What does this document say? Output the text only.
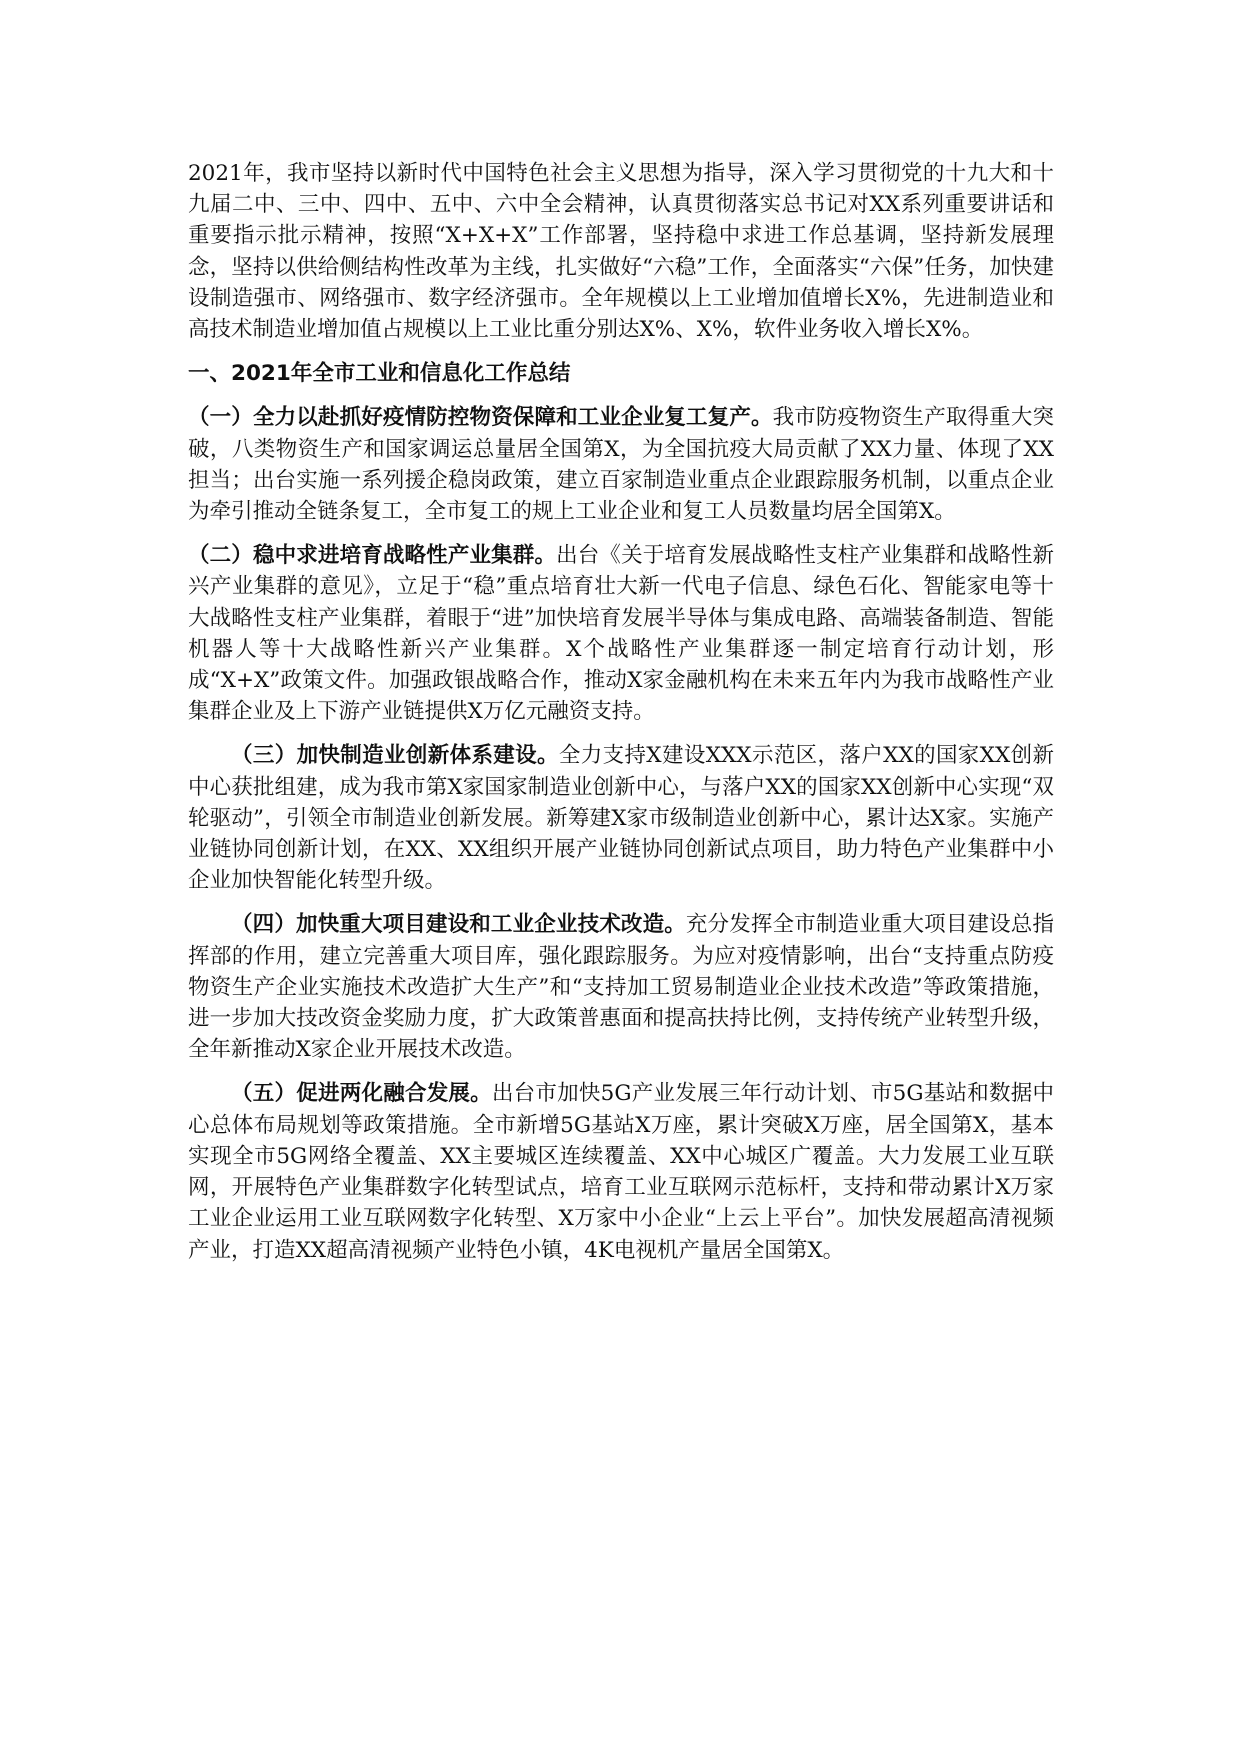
2021年，我市坚持以新时代中国特色社会主义思想为指导，深入学习贯彻党的十九大和十九届二中、三中、四中、五中、六中全会精神，认真贯彻落实总书记对XX系列重要讲话和重要指示批示精神，按照“X+X+X”工作部署，坚持稳中求进工作总基调，坚持新发展理念，坚持以供给侧结构性改革为主线，扎实做好“六稳”工作，全面落实“六保”任务，加快建设制造强市、网络强市、数字经济强市。全年规模以上工业增加值增长X%，先进制造业和高技术制造业增加值占规模以上工业比重分别达X%、X%，软件业务收入增长X%。

一、2021年全市工业和信息化工作总结

（一）全力以赴抓好疫情防控物资保障和工业企业复工复产。我市防疫物资生产取得重大突破，八类物资生产和国家调运总量居全国第X，为全国抗疫大局贡献了XX力量、体现了XX担当；出台实施一系列援企稳岗政策，建立百家制造业重点企业跟踪服务机制，以重点企业为牵引推动全链条复工，全市复工的规上工业企业和复工人员数量均居全国第X。

（二）稳中求进培育战略性产业集群。出台《关于培育发展战略性支柱产业集群和战略性新兴产业集群的意见》，立足于“稳”重点培育壮大新一代电子信息、绿色石化、智能家电等十大战略性支柱产业集群，着眼于“进”加快培育发展半导体与集成电路、高端装备制造、智能机器人等十大战略性新兴产业集群。X个战略性产业集群逐一制定培育行动计划，形成“X+X”政策文件。加强政银战略合作，推动X家金融机构在未来五年内为我市战略性产业集群企业及上下游产业链提供X万亿元融资支持。

（三）加快制造业创新体系建设。全力支持X建设XXX示范区，落户XX的国家XX创新中心获批组建，成为我市第X家国家制造业创新中心，与落户XX的国家XX创新中心实现“双轮驱动”，引领全市制造业创新发展。新筹建X家市级制造业创新中心，累计达X家。实施产业链协同创新计划，在XX、XX组织开展产业链协同创新试点项目，助力特色产业集群中小企业加快智能化转型升级。

（四）加快重大项目建设和工业企业技术改造。充分发挥全市制造业重大项目建设总指挥部的作用，建立完善重大项目库，强化跟踪服务。为应对疫情影响，出台“支持重点防疫物资生产企业实施技术改造扩大生产”和“支持加工贸易制造业企业技术改造”等政策措施，进一步加大技改资金奖励力度，扩大政策普惠面和提高扶持比例，支持传统产业转型升级，全年新推动X家企业开展技术改造。

（五）促进两化融合发展。出台市加快5G产业发展三年行动计划、市5G基站和数据中心总体布局规划等政策措施。全市新增5G基站X万座，累计突破X万座，居全国第X，基本实现全市5G网络全覆盖、XX主要城区连续覆盖、XX中心城区广覆盖。大力发展工业互联网，开展特色产业集群数字化转型试点，培育工业互联网示范标杆，支持和带动累计X万家工业企业运用工业互联网数字化转型、X万家中小企业“上云上平台”。加快发展超高清视频产业，打造XX超高清视频产业特色小镇，4K电视机产量居全国第X。
